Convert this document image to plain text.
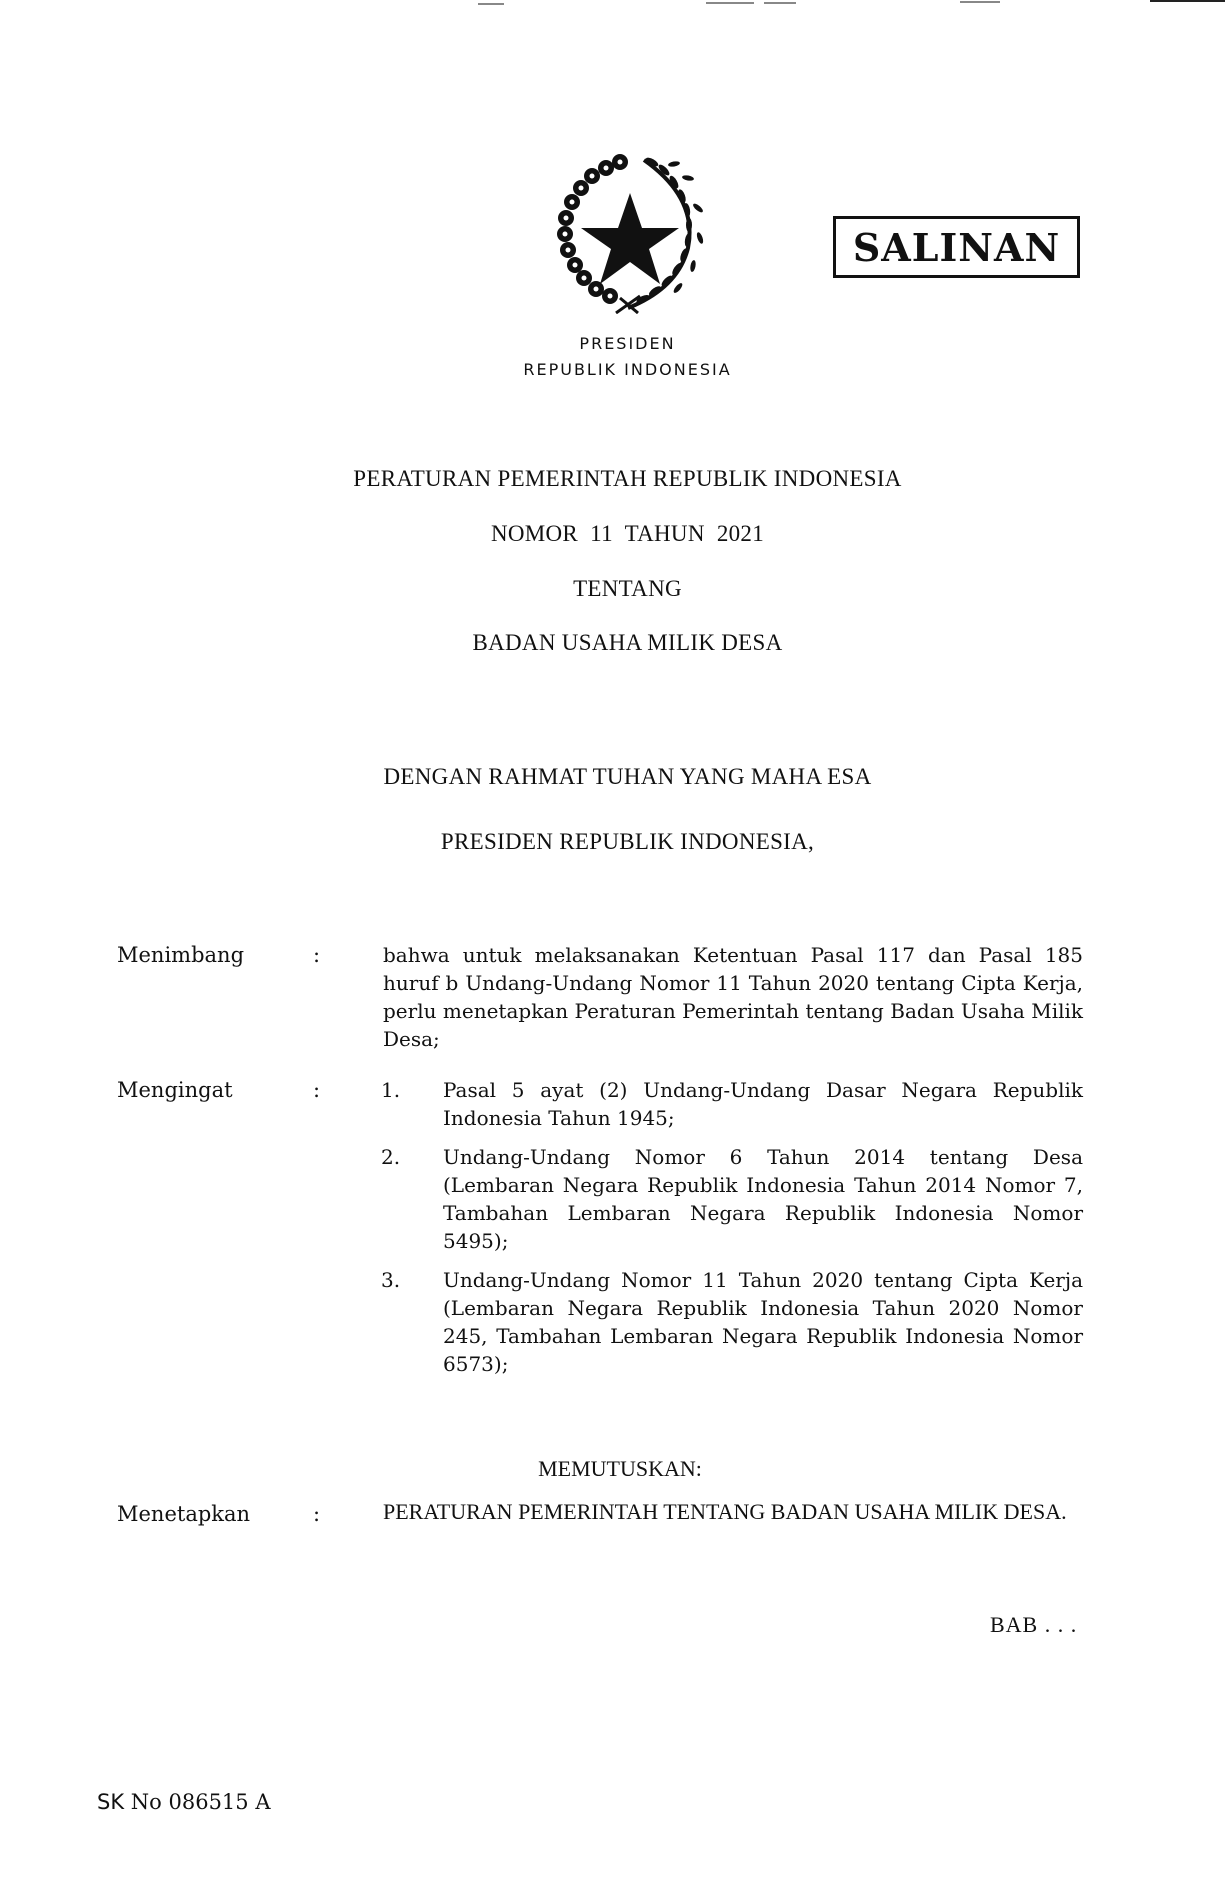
SALINAN
PRESIDEN
REPUBLIK INDONESIA
PERATURAN PEMERINTAH REPUBLIK INDONESIA
NOMOR  11  TAHUN  2021
TENTANG
BADAN USAHA MILIK DESA
DENGAN RAHMAT TUHAN YANG MAHA ESA
PRESIDEN REPUBLIK INDONESIA,
Menimbang	:	bahwa untuk melaksanakan Ketentuan Pasal 117 dan Pasal 185 huruf b Undang-Undang Nomor 11 Tahun 2020 tentang Cipta Kerja, perlu menetapkan Peraturan Pemerintah tentang Badan Usaha Milik Desa;
Mengingat	:	1. Pasal 5 ayat (2) Undang-Undang Dasar Negara Republik Indonesia Tahun 1945;
2. Undang-Undang Nomor 6 Tahun 2014 tentang Desa (Lembaran Negara Republik Indonesia Tahun 2014 Nomor 7, Tambahan Lembaran Negara Republik Indonesia Nomor 5495);
3. Undang-Undang Nomor 11 Tahun 2020 tentang Cipta Kerja (Lembaran Negara Republik Indonesia Tahun 2020 Nomor 245, Tambahan Lembaran Negara Republik Indonesia Nomor 6573);
MEMUTUSKAN:
Menetapkan	:	PERATURAN PEMERINTAH TENTANG BADAN USAHA MILIK DESA.
BAB . . .
SK No 086515 A
